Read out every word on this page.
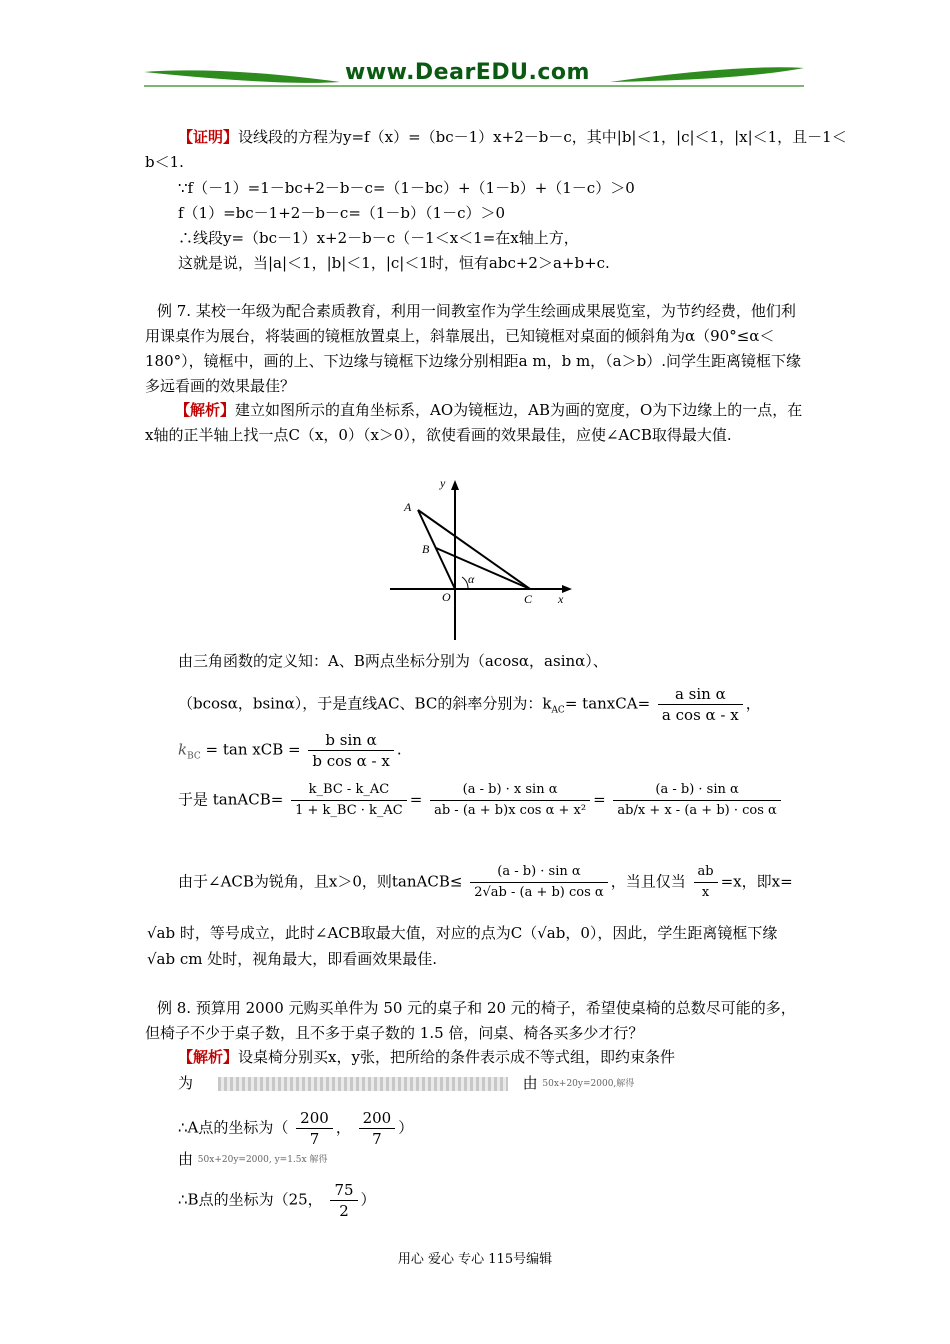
www.DearEDU.com
【证明】设线段的方程为y=f（x）=（bc－1）x+2－b－c，其中|b|＜1，|c|＜1，|x|＜1，且－1＜
b＜1.
∵f（－1）=1－bc+2－b－c=（1－bc）+（1－b）+（1－c）＞0
f（1）=bc－1+2－b－c=（1－b）（1－c）＞0
∴线段y=（bc－1）x+2－b－c（－1＜x＜1=在x轴上方，
这就是说，当|a|＜1，|b|＜1，|c|＜1时，恒有abc+2＞a+b+c.
例 7. 某校一年级为配合素质教育，利用一间教室作为学生绘画成果展览室，为节约经费，他们利用课桌作为展台，将装画的镜框放置桌上，斜靠展出，已知镜框对桌面的倾斜角为α（90°≤α＜180°），镜框中，画的上、下边缘与镜框下边缘分别相距a m，b m，（a＞b）.问学生距离镜框下缘多远看画的效果最佳？
【解析】建立如图所示的直角坐标系，AO为镜框边，AB为画的宽度，O为下边缘上的一点，在x轴的正半轴上找一点C（x，0）（x＞0），欲使看画的效果最佳，应使∠ACB取得最大值.
y
x
A
B
O	C
α
由三角函数的定义知：A、B两点坐标分别为（acosα，asinα）、
（bcosα，bsinα），于是直线AC、BC的斜率分别为：$k_{AC}=$ tanxCA= $\frac{\text{a sin α}}{\text{a cos α - x}}$ ，
$k_{BC} = \tan$ xCB = $\frac{\text{b sin α}}{\text{b cos α - x}}$ .
于是 tanACB= $\frac{k\_BC - k\_AC}{1 + k\_BC \cdot k\_AC} = \frac{\text{(a - b) · x sin α}}{\text{ab - (a + b)x cos α + x²}} = \frac{\text{(a - b) · sin α}}{\text{ab/x + x - (a + b) · cos α}}$
由于∠ACB为锐角，且x＞0，则tanACB≤ $\frac{\text{(a - b) · sin α}}{\text{2√ab - (a + b) cos α}}$ ，当且仅当 $\frac{ab}{x} =x$，即x=
√ab 时，等号成立，此时∠ACB取最大值，对应的点为C（√ab，0），因此，学生距离镜框下缘
√ab cm 处时，视角最大，即看画效果最佳.
例 8. 预算用 2000 元购买单件为 50 元的桌子和 20 元的椅子，希望使桌椅的总数尽可能的多，但椅子不少于桌子数，且不多于桌子数的 1.5 倍，问桌、椅各买多少才行？
【解析】设桌椅分别买x，y张，把所给的条件表示成不等式组，即约束条件
为	由 50x+20y=2000,解得
∴A点的坐标为（ $\frac{200}{7}$ ， $\frac{200}{7}$ ）
由 50x+20y=2000, y=1.5x 解得
∴B点的坐标为（25， $\frac{75}{2}$ ）
用心 爱心 专心 115号编辑
